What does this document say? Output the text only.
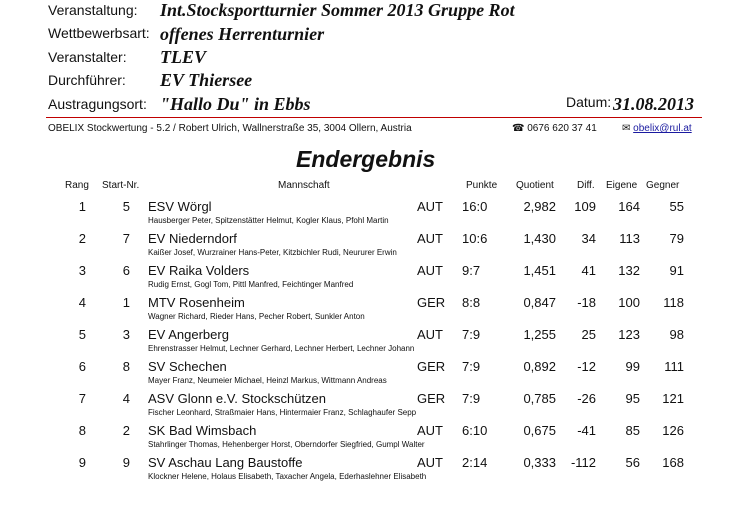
Veranstaltung: Int.Stocksportturnier Sommer 2013 Gruppe Rot
Wettbewerbsart: offenes Herrenturnier
Veranstalter: TLEV
Durchführer: EV Thiersee
Austragungsort: "Hallo Du" in Ebbs	Datum: 31.08.2013
OBELIX Stockwertung - 5.2 / Robert Ulrich, Wallnerstraße 35, 3004 Ollern, Austria	☎ 0676 620 37 41	✉ obelix@rul.at
Endergebnis
Rang Start-Nr.	Mannschaft	Punkte Quotient Diff. Eigene Gegner
1	5 ESV Wörgl	AUT 16:0	2,982	109	164	55
Hausberger Peter, Spitzenstätter Helmut, Kogler Klaus, Pfohl Martin
2	7 EV Niederndorf	AUT 10:6	1,430	34	113	79
Kaißer Josef, Wurzrainer Hans-Peter, Kitzbichler Rudi, Neururer Erwin
3	6 EV Raika Volders	AUT 9:7	1,451	41	132	91
Rudig Ernst, Gogl Tom, Pittl Manfred, Feichtinger Manfred
4	1 MTV Rosenheim	GER 8:8	0,847	-18	100	118
Wagner Richard, Rieder Hans, Pecher Robert, Sunkler Anton
5	3 EV Angerberg	AUT 7:9	1,255	25	123	98
Ehrenstrasser Helmut, Lechner Gerhard, Lechner Herbert, Lechner Johann
6	8 SV Schechen	GER 7:9	0,892	-12	99	111
Mayer Franz, Neumeier Michael, Heinzl Markus, Wittmann Andreas
7	4 ASV Glonn e.V. Stockschützen	GER 7:9	0,785	-26	95	121
Fischer Leonhard, Straßmaier Hans, Hintermaier Franz, Schlaghaufer Sepp
8	2 SK Bad Wimsbach	AUT 6:10	0,675	-41	85	126
Stahrlinger Thomas, Hehenberger Horst, Oberndorfer Siegfried, Gumpl Walter
9	9 SV Aschau Lang Baustoffe	AUT 2:14	0,333	-112	56	168
Klockner Helene, Holaus Elisabeth, Taxacher Angela, Ederhaslehner Elisabeth
